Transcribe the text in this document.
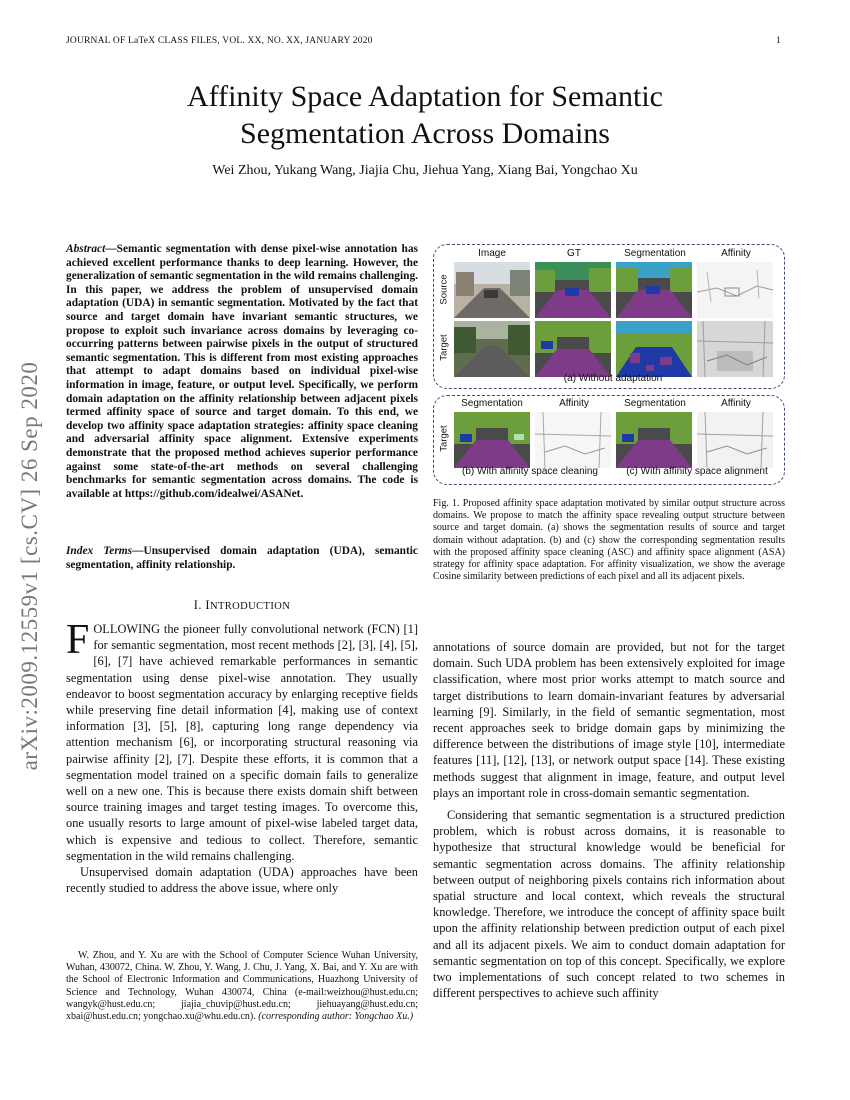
JOURNAL OF LaTeX CLASS FILES, VOL. XX, NO. XX, JANUARY 2020	1
arXiv:2009.12559v1 [cs.CV] 26 Sep 2020
Affinity Space Adaptation for Semantic
Segmentation Across Domains
Wei Zhou, Yukang Wang, Jiajia Chu, Jiehua Yang, Xiang Bai, Yongchao Xu
Abstract—Semantic segmentation with dense pixel-wise annotation has achieved excellent performance thanks to deep learning. However, the generalization of semantic segmentation in the wild remains challenging. In this paper, we address the problem of unsupervised domain adaptation (UDA) in semantic segmentation. Motivated by the fact that source and target domain have invariant semantic structures, we propose to exploit such invariance across domains by leveraging co-occurring patterns between pairwise pixels in the output of structured semantic segmentation. This is different from most existing approaches that attempt to adapt domains based on individual pixel-wise information in image, feature, or output level. Specifically, we perform domain adaptation on the affinity relationship between adjacent pixels termed affinity space of source and target domain. To this end, we develop two affinity space adaptation strategies: affinity space cleaning and adversarial affinity space alignment. Extensive experiments demonstrate that the proposed method achieves superior performance against some state-of-the-art methods on several challenging benchmarks for semantic segmentation across domains. The code is available at https://github.com/idealwei/ASANet.
Index Terms—Unsupervised domain adaptation (UDA), semantic segmentation, affinity relationship.
I. INTRODUCTION

FOLLOWING the pioneer fully convolutional network (FCN) [1] for semantic segmentation, most recent methods [2], [3], [4], [5], [6], [7] have achieved remarkable performances in semantic segmentation using dense pixel-wise annotation. They usually endeavor to boost segmentation accuracy by enlarging receptive fields while preserving fine detail information [4], making use of context information [3], [5], [8], capturing long range dependency via attention mechanism [6], or incorporating structural reasoning via pairwise affinity [2], [7]. Despite these efforts, it is common that a segmentation model trained on a specific domain fails to generalize well on a new one. This is because there exists domain shift between source training images and target testing images. To overcome this, one usually resorts to large amount of pixel-wise labeled target data, which is expensive and tedious to collect. Therefore, semantic segmentation in the wild remains challenging.

Unsupervised domain adaptation (UDA) approaches have been recently studied to address the above issue, where only

W. Zhou, and Y. Xu are with the School of Computer Science Wuhan University, Wuhan, 430072, China. W. Zhou, Y. Wang, J. Chu, J. Yang, X. Bai, and Y. Xu are with the School of Electronic Information and Communications, Huazhong University of Science and Technology, Wuhan 430074, China (e-mail:weizhou@hust.edu.cn; wangyk@hust.edu.cn; jiajia_chuvip@hust.edu.cn; jiehuayang@hust.edu.cn; xbai@hust.edu.cn; yongchao.xu@whu.edu.cn). (corresponding author: Yongchao Xu.)
Image	GT	Segmentation	Affinity
Source
Target
(a) Without adaptation
Segmentation	Affinity	Segmentation	Affinity
Target
(b) With affinity space cleaning	(c) With affinity space alignment
Fig. 1. Proposed affinity space adaptation motivated by similar output structure across domains. We propose to match the affinity space revealing output structure between source and target domain. (a) shows the segmentation results of source and target domain without adaptation. (b) and (c) show the corresponding segmentation results with the proposed affinity space cleaning (ASC) and affinity space alignment (ASA) strategy for affinity space adaptation. For affinity visualization, we show the average Cosine similarity between predictions of each pixel and all its adjacent pixels.

annotations of source domain are provided, but not for the target domain. Such UDA problem has been extensively exploited for image classification, where most prior works attempt to match source and target distributions to learn domain-invariant features by adversarial learning [9]. Similarly, in the field of semantic segmentation, most recent approaches seek to bridge domain gaps by minimizing the difference between the distributions of image style [10], intermediate features [11], [12], [13], or network output space [14]. These existing methods suggest that alignment in image, feature, and output level plays an important role in cross-domain semantic segmentation.

Considering that semantic segmentation is a structured prediction problem, which is robust across domains, it is reasonable to hypothesize that structural knowledge would be beneficial for semantic segmentation across domains. The affinity relationship between output of neighboring pixels contains rich information about spatial structure and local context, which reveals the structural knowledge. Therefore, we introduce the concept of affinity space built upon the affinity relationship between prediction output of each pixel and all its adjacent pixels. We aim to conduct domain adaptation for semantic segmentation on top of this concept. Specifically, we explore two implementations of such concept related to two schemes in different perspectives to achieve such affinity
